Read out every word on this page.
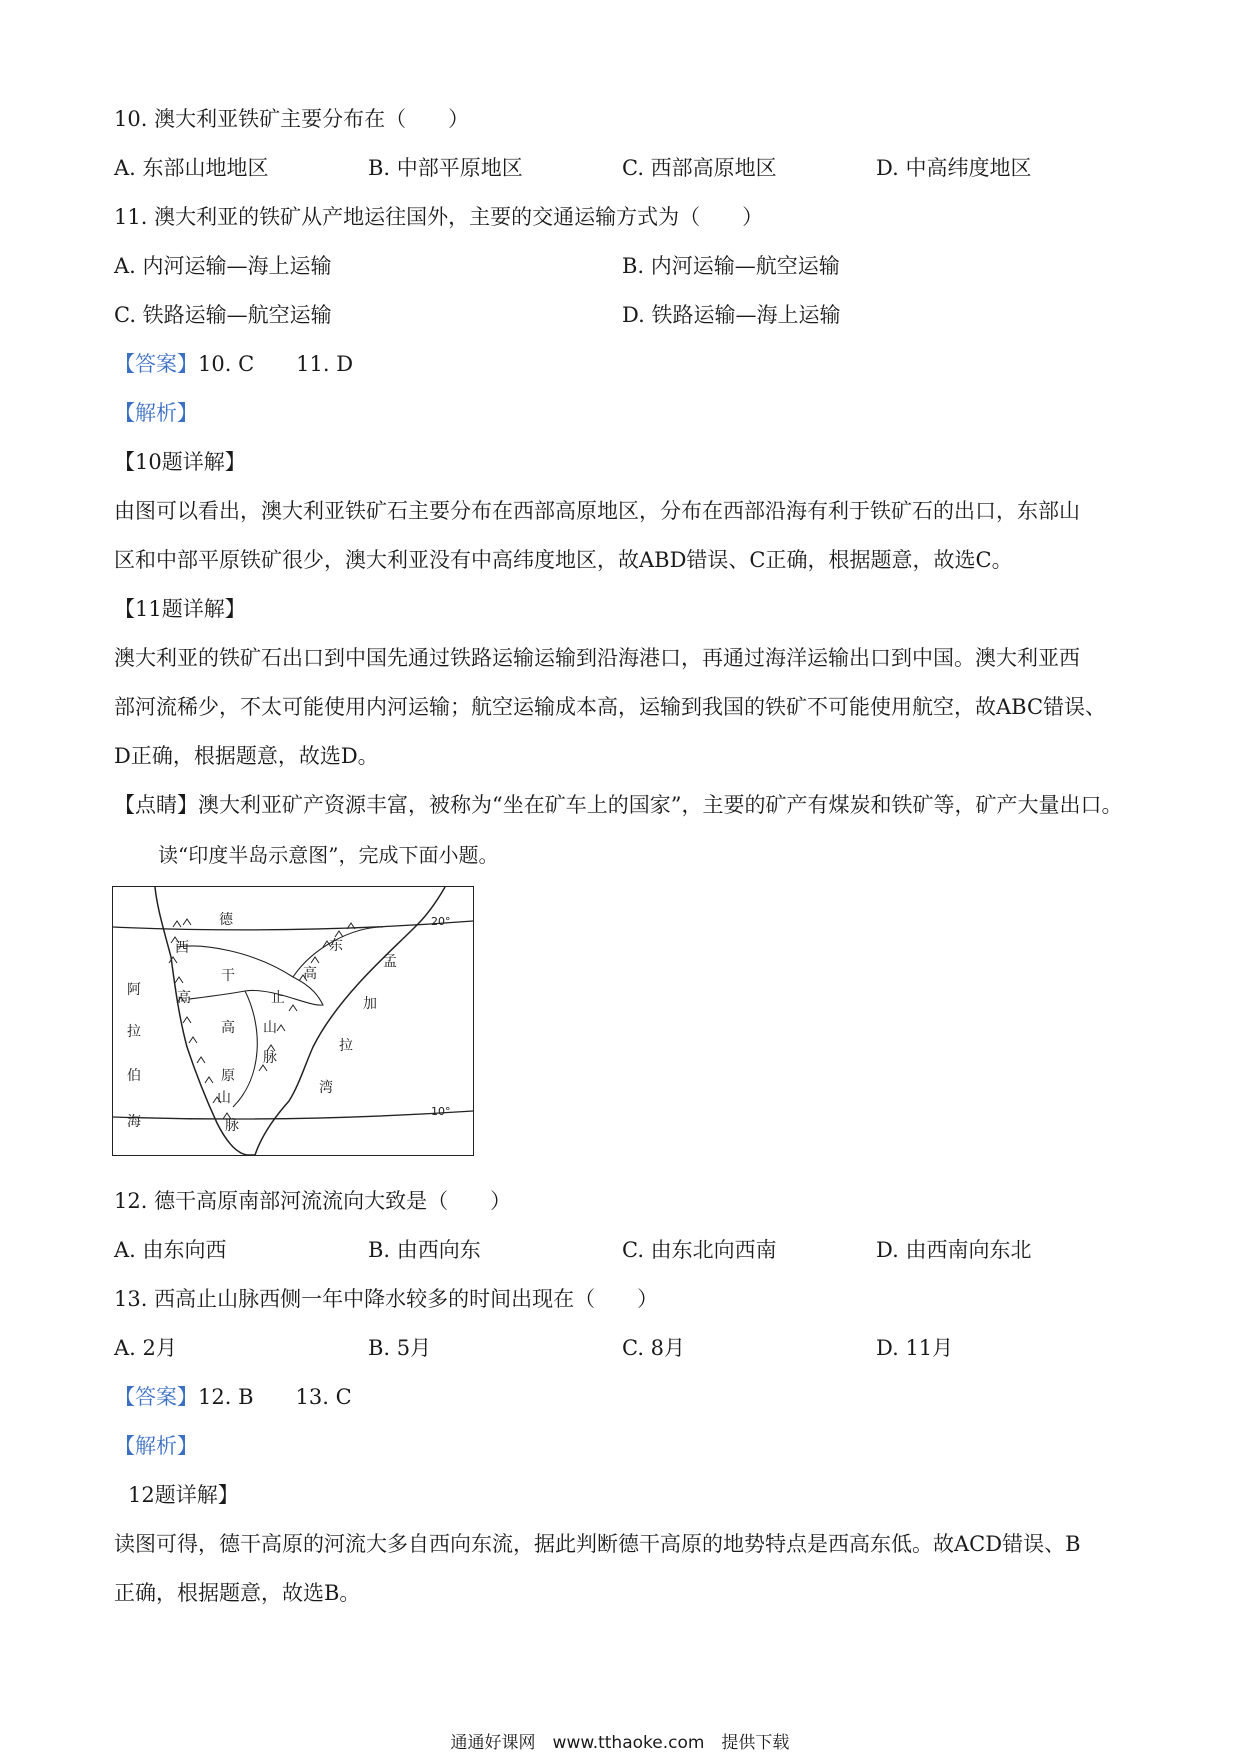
10. 澳大利亚铁矿主要分布在（　　）
A. 东部山地地区	B. 中部平原地区	C. 西部高原地区	D. 中高纬度地区
11. 澳大利亚的铁矿从产地运往国外，主要的交通运输方式为（　　）
A. 内河运输—海上运输	B. 内河运输—航空运输
C. 铁路运输—航空运输	D. 铁路运输—海上运输
【答案】10. C　　11. D
【解析】
【10题详解】
由图可以看出，澳大利亚铁矿石主要分布在西部高原地区，分布在西部沿海有利于铁矿石的出口，东部山
区和中部平原铁矿很少，澳大利亚没有中高纬度地区，故ABD错误、C正确，根据题意，故选C。
【11题详解】
澳大利亚的铁矿石出口到中国先通过铁路运输运输到沿海港口，再通过海洋运输出口到中国。澳大利亚西
部河流稀少，不太可能使用内河运输；航空运输成本高，运输到我国的铁矿不可能使用航空，故ABC错误、
D正确，根据题意，故选D。
【点睛】澳大利亚矿产资源丰富，被称为“坐在矿车上的国家”，主要的矿产有煤炭和铁矿等，矿产大量出口。
读“印度半岛示意图”，完成下面小题。
20°
10°
德
干
高
原
西
高
山
脉
东
高
止
山
脉
阿
拉
伯
海
孟
加
拉
湾
12. 德干高原南部河流流向大致是（　　）
A. 由东向西	B. 由西向东	C. 由东北向西南	D. 由西南向东北
13. 西高止山脉西侧一年中降水较多的时间出现在（　　）
A. 2月	B. 5月	C. 8月	D. 11月
【答案】12. B　　13. C
【解析】
12题详解】
读图可得，德干高原的河流大多自西向东流，据此判断德干高原的地势特点是西高东低。故ACD错误、B
正确，根据题意，故选B。
通通好课网　www.tthaoke.com　提供下载
